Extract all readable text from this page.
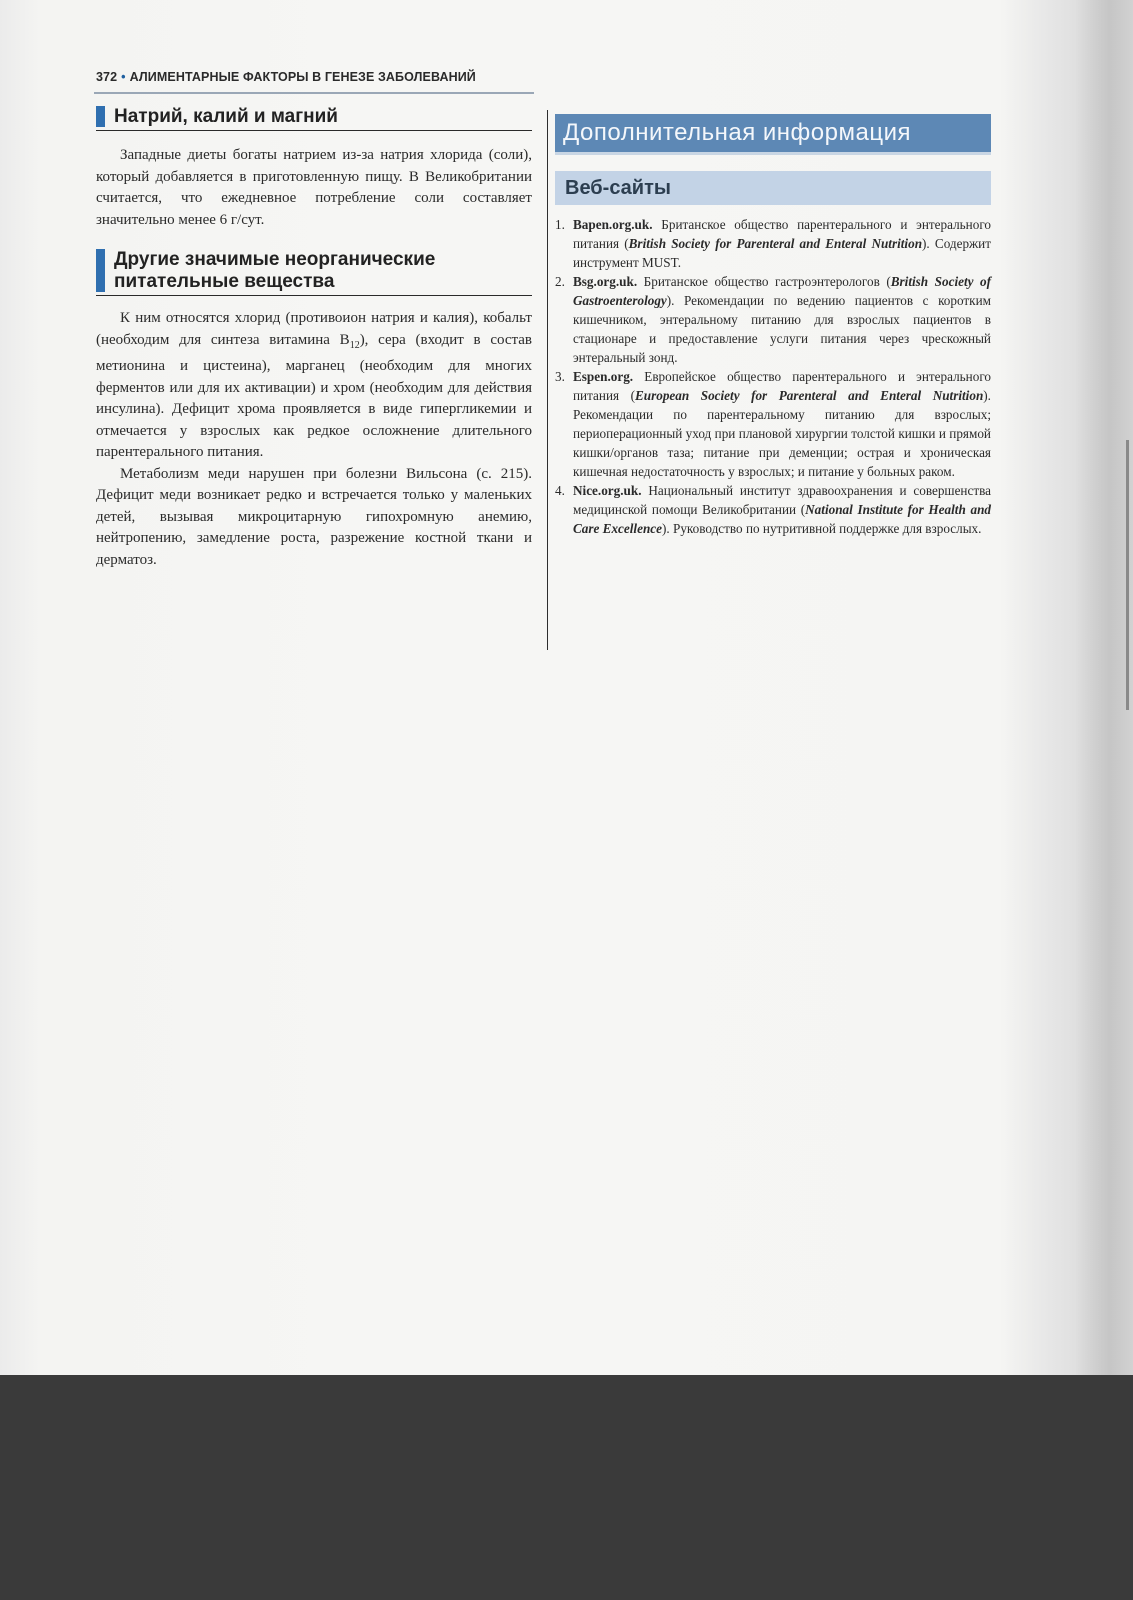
372 • АЛИМЕНТАРНЫЕ ФАКТОРЫ В ГЕНЕЗЕ ЗАБОЛЕВАНИЙ
Натрий, калий и магний

Западные диеты богаты натрием из-за натрия хлорида (соли), который добавляется в приготовленную пищу. В Великобритании считается, что ежедневное потребление соли составляет значительно менее 6 г/сут.

Другие значимые неорганические
питательные вещества

К ним относятся хлорид (противоион натрия и калия), кобальт (необходим для синтеза витамина $B_{12}$), сера (входит в состав метионина и цистеина), марганец (необходим для многих ферментов или для их активации) и хром (необходим для действия инсулина). Дефицит хрома проявляется в виде гипергликемии и отмечается у взрослых как редкое осложнение длительного парентерального питания.

Метаболизм меди нарушен при болезни Вильсона (с. 215). Дефицит меди возникает редко и встречается только у маленьких детей, вызывая микроцитарную гипохромную анемию, нейтропению, замедление роста, разрежение костной ткани и дерматоз.

Дополнительная информация
Веб-сайты
1. Bapen.org.uk. Британское общество парентерального и энтерального питания (British Society for Parenteral and Enteral Nutrition). Содержит инструмент MUST.
2. Bsg.org.uk. Британское общество гастроэнтерологов (British Society of Gastroenterology). Рекомендации по ведению пациентов с коротким кишечником, энтеральному питанию для взрослых пациентов в стационаре и предоставление услуги питания через чрескожный энтеральный зонд.
3. Espen.org. Европейское общество парентерального и энтерального питания (European Society for Parenteral and Enteral Nutrition). Рекомендации по парентеральному питанию для взрослых; периоперационный уход при плановой хирургии толстой кишки и прямой кишки/органов таза; питание при деменции; острая и хроническая кишечная недостаточность у взрослых; и питание у больных раком.
4. Nice.org.uk. Национальный институт здравоохранения и совершенства медицинской помощи Великобритании (National Institute for Health and Care Excellence). Руководство по нутритивной поддержке для взрослых.
